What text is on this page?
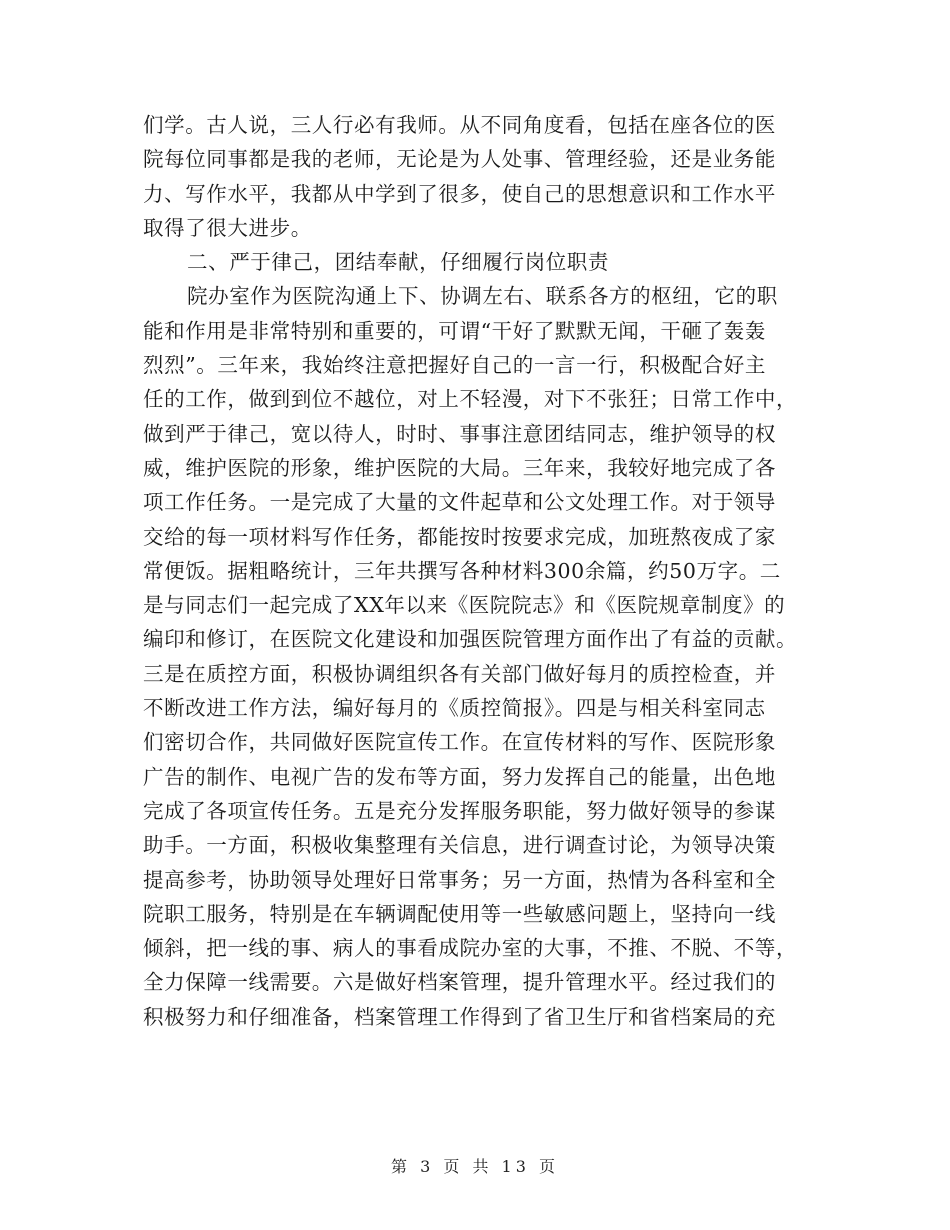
们学。古人说，三人行必有我师。从不同角度看，包括在座各位的医
院每位同事都是我的老师，无论是为人处事、管理经验，还是业务能
力、写作水平，我都从中学到了很多，使自己的思想意识和工作水平
取得了很大进步。
二、严于律己，团结奉献，仔细履行岗位职责
院办室作为医院沟通上下、协调左右、联系各方的枢纽，它的职
能和作用是非常特别和重要的，可谓“干好了默默无闻，干砸了轰轰
烈烈”。三年来，我始终注意把握好自己的一言一行，积极配合好主
任的工作，做到到位不越位，对上不轻漫，对下不张狂；日常工作中，
做到严于律己，宽以待人，时时、事事注意团结同志，维护领导的权
威，维护医院的形象，维护医院的大局。三年来，我较好地完成了各
项工作任务。一是完成了大量的文件起草和公文处理工作。对于领导
交给的每一项材料写作任务，都能按时按要求完成，加班熬夜成了家
常便饭。据粗略统计，三年共撰写各种材料300余篇，约50万字。二
是与同志们一起完成了XX年以来《医院院志》和《医院规章制度》的
编印和修订，在医院文化建设和加强医院管理方面作出了有益的贡献。
三是在质控方面，积极协调组织各有关部门做好每月的质控检查，并
不断改进工作方法，编好每月的《质控简报》。四是与相关科室同志
们密切合作，共同做好医院宣传工作。在宣传材料的写作、医院形象
广告的制作、电视广告的发布等方面，努力发挥自己的能量，出色地
完成了各项宣传任务。五是充分发挥服务职能，努力做好领导的参谋
助手。一方面，积极收集整理有关信息，进行调查讨论，为领导决策
提高参考，协助领导处理好日常事务；另一方面，热情为各科室和全
院职工服务，特别是在车辆调配使用等一些敏感问题上，坚持向一线
倾斜，把一线的事、病人的事看成院办室的大事，不推、不脱、不等，
全力保障一线需要。六是做好档案管理，提升管理水平。经过我们的
积极努力和仔细准备，档案管理工作得到了省卫生厅和省档案局的充
第 3 页 共 13 页
